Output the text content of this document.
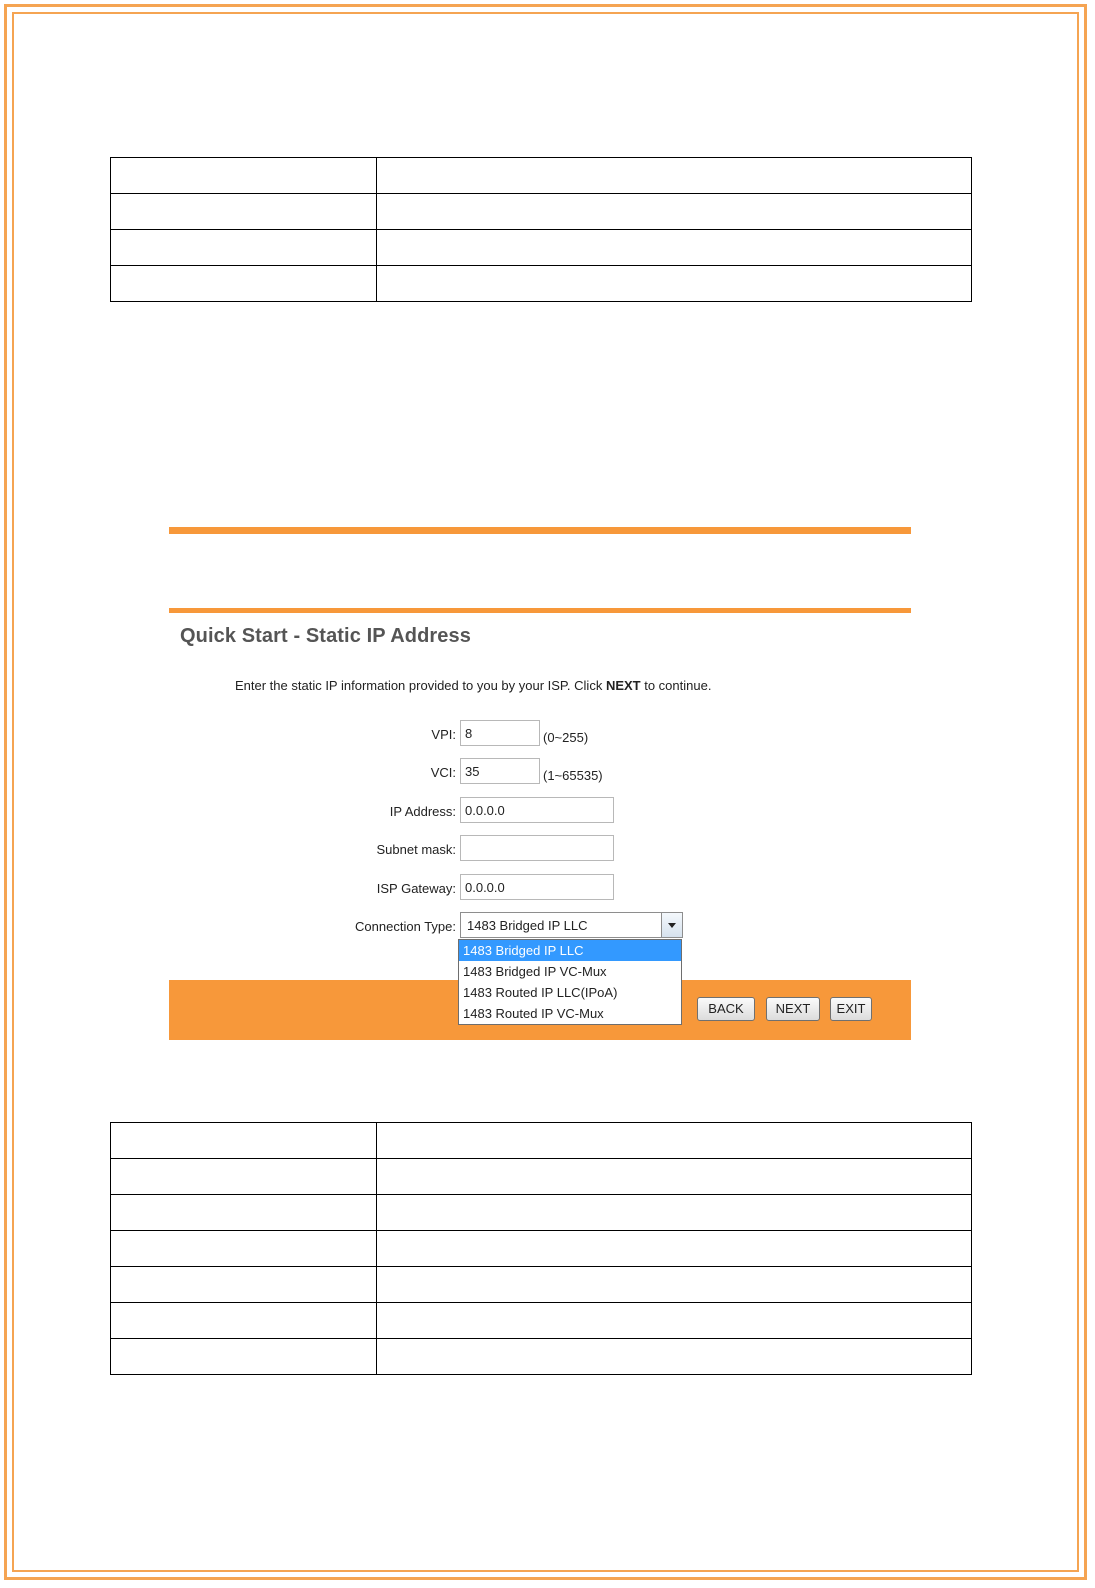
Quick Start - Static IP Address
Enter the static IP information provided to you by your ISP. Click NEXT to continue.
VPI: 8	(0~255)
VCI: 35	(1~65535)
IP Address: 0.0.0.0
Subnet mask:
ISP Gateway: 0.0.0.0
Connection Type: 1483 Bridged IP LLC
BACK	NEXT	EXIT
1483 Bridged IP LLC
1483 Bridged IP VC-Mux
1483 Routed IP LLC(IPoA)
1483 Routed IP VC-Mux
